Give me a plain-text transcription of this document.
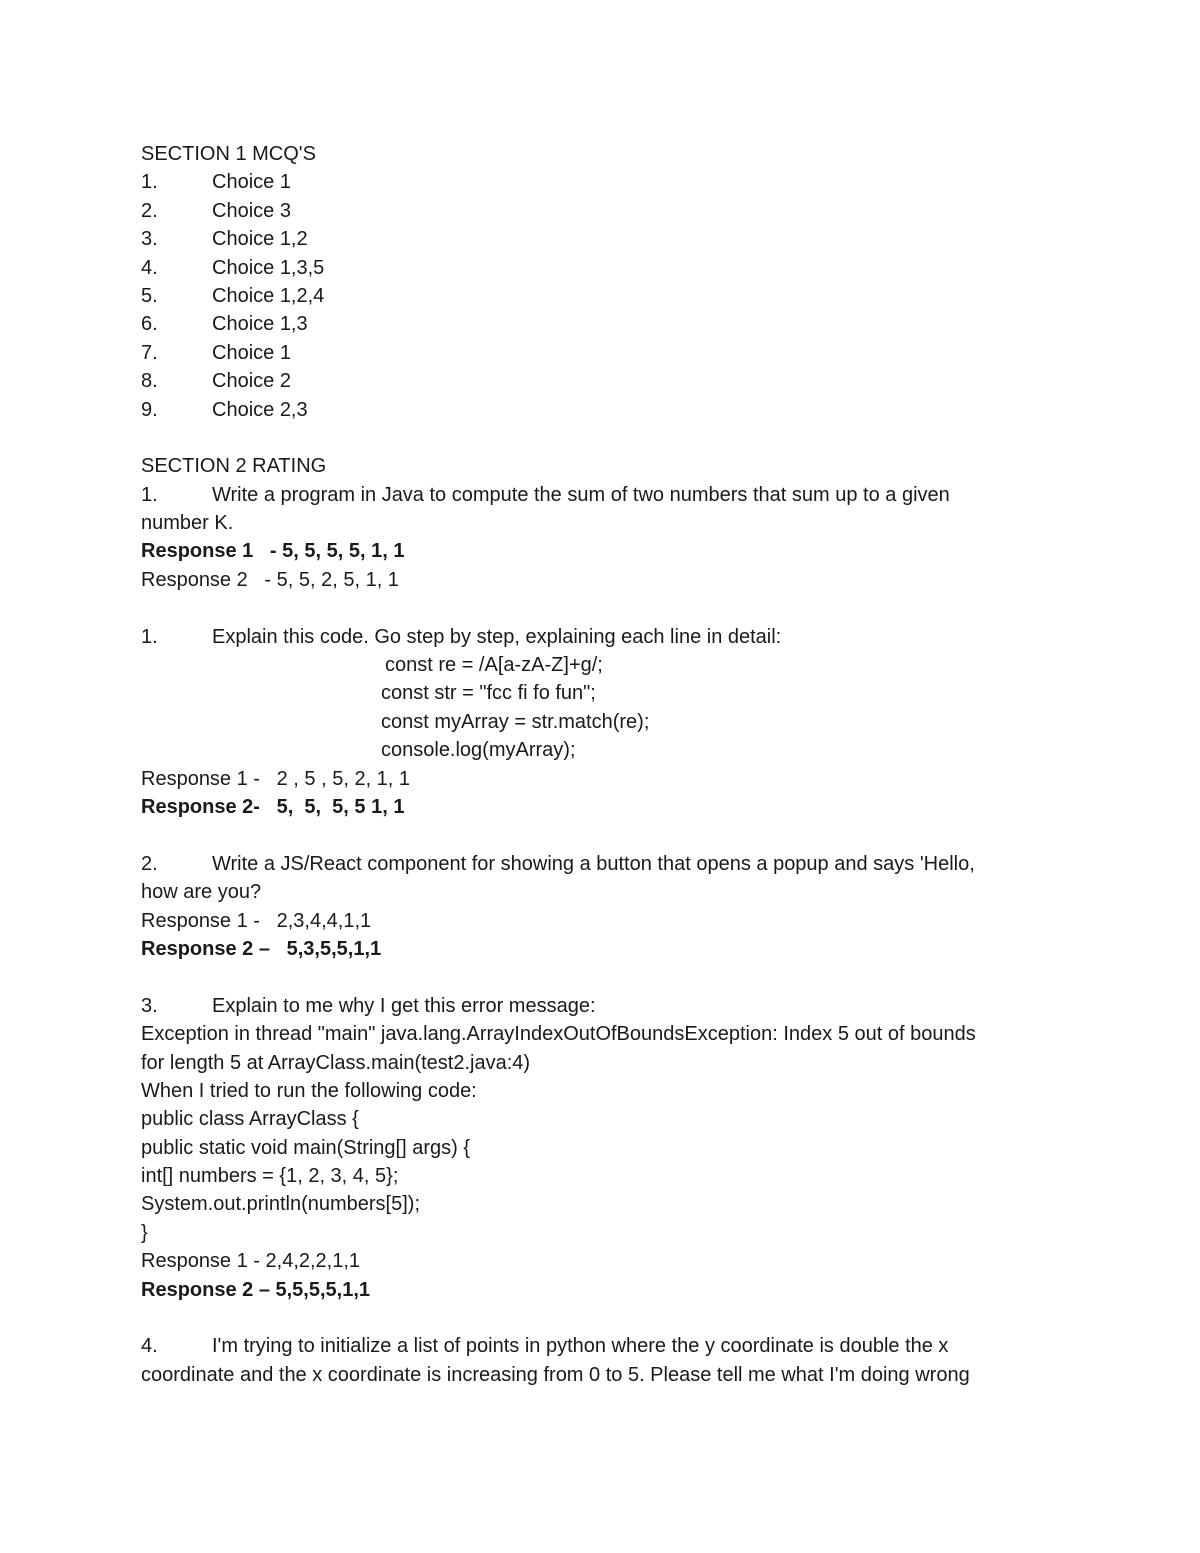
SECTION 1 MCQ'S
1.	Choice 1
2.	Choice 3
3.	Choice 1,2
4.	Choice 1,3,5
5.	Choice 1,2,4
6.	Choice 1,3
7.	Choice 1
8.	Choice 2
9.	Choice 2,3
SECTION 2 RATING
1.	Write a program in Java to compute the sum of two numbers that sum up to a given
number K.
Response 1   - 5, 5, 5, 5, 1, 1
Response 2   - 5, 5, 2, 5, 1, 1
1.	Explain this code. Go step by step, explaining each line in detail:
const re = /A[a-zA-Z]+g/;
const str = "fcc fi fo fun";
const myArray = str.match(re);
console.log(myArray);
Response 1 -   2 , 5 , 5, 2, 1, 1
Response 2-   5,  5,  5, 5 1, 1
2.	Write a JS/React component for showing a button that opens a popup and says 'Hello,
how are you?
Response 1 -   2,3,4,4,1,1
Response 2 –   5,3,5,5,1,1
3.	Explain to me why I get this error message:
Exception in thread "main" java.lang.ArrayIndexOutOfBoundsException: Index 5 out of bounds
for length 5 at ArrayClass.main(test2.java:4)
When I tried to run the following code:
public class ArrayClass {
public static void main(String[] args) {
int[] numbers = {1, 2, 3, 4, 5};
System.out.println(numbers[5]);
}
Response 1 - 2,4,2,2,1,1
Response 2 – 5,5,5,5,1,1
4.	I'm trying to initialize a list of points in python where the y coordinate is double the x
coordinate and the x coordinate is increasing from 0 to 5. Please tell me what I'm doing wrong
